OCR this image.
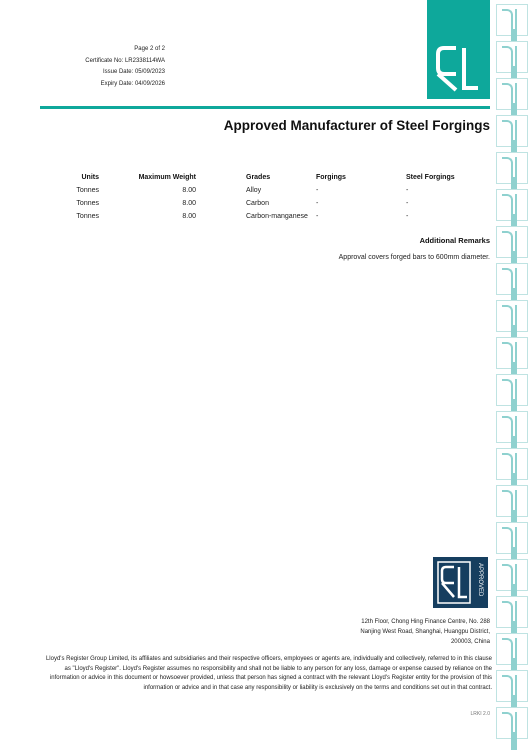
Page 2 of 2
Certificate No: LR2338114WA
Issue Date: 05/09/2023
Expiry Date: 04/09/2026
Approved Manufacturer of Steel Forgings
Units	Maximum Weight		Grades	Forgings	Steel Forgings
Tonnes	8.00		Alloy	-	-
Tonnes	8.00		Carbon	-	-
Tonnes	8.00		Carbon-manganese	-	-
Additional Remarks
Approval covers forged bars to 600mm diameter.
APPROVED
12th Floor, Chong Hing Finance Centre, No. 288
Nanjing West Road, Shanghai, Huangpu District,
200003, China
Lloyd's Register Group Limited, its affiliates and subsidiaries and their respective officers, employees or agents are, individually and collectively, referred to in this clause as "Lloyd's Register". Lloyd's Register assumes no responsibility and shall not be liable to any person for any loss, damage or expense caused by reliance on the information or advice in this document or howsoever provided, unless that person has signed a contract with the relevant Lloyd's Register entity for the provision of this information or advice and in that case any responsibility or liability is exclusively on the terms and conditions set out in that contract.
LRKI 2.0
